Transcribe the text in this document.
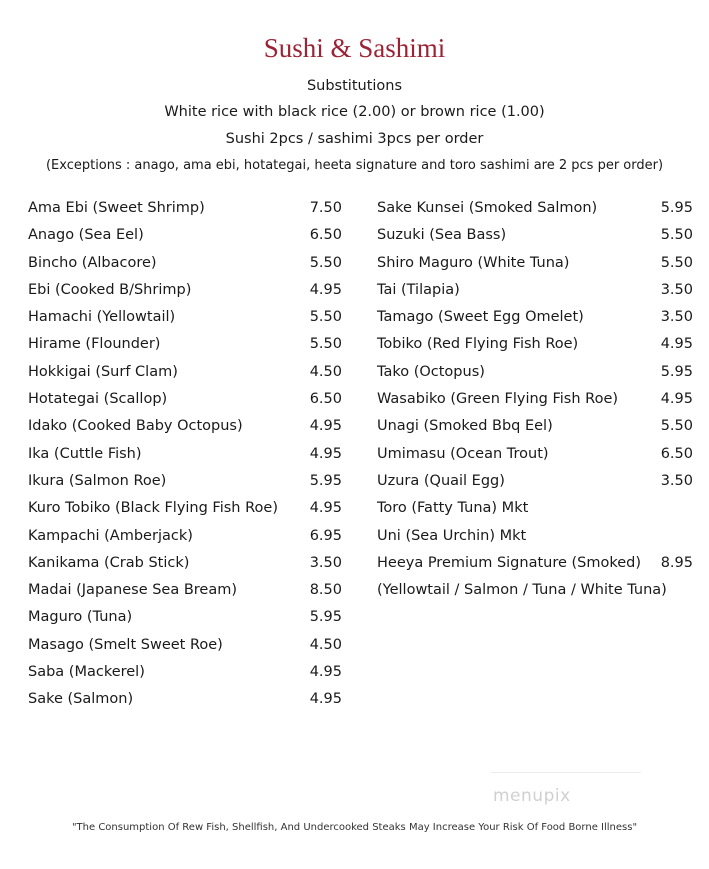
Sushi & Sashimi
Substitutions
White rice with black rice (2.00) or brown rice (1.00)
Sushi 2pcs / sashimi 3pcs per order
(Exceptions : anago, ama ebi, hotategai, heeta signature and toro sashimi are 2 pcs per order)
Ama Ebi (Sweet Shrimp)	7.50
Anago (Sea Eel)	6.50
Bincho (Albacore)	5.50
Ebi (Cooked B/Shrimp)	4.95
Hamachi (Yellowtail)	5.50
Hirame (Flounder)	5.50
Hokkigai (Surf Clam)	4.50
Hotategai (Scallop)	6.50
Idako (Cooked Baby Octopus)	4.95
Ika (Cuttle Fish)	4.95
Ikura (Salmon Roe)	5.95
Kuro Tobiko (Black Flying Fish Roe) 4.95
Kampachi (Amberjack)	6.95
Kanikama (Crab Stick)	3.50
Madai (Japanese Sea Bream)	8.50
Maguro (Tuna)	5.95
Masago (Smelt Sweet Roe)	4.50
Saba (Mackerel)	4.95
Sake (Salmon)	4.95
Sake Kunsei (Smoked Salmon)	5.95
Suzuki (Sea Bass)	5.50
Shiro Maguro (White Tuna)	5.50
Tai (Tilapia)	3.50
Tamago (Sweet Egg Omelet)	3.50
Tobiko (Red Flying Fish Roe)	4.95
Tako (Octopus)	5.95
Wasabiko (Green Flying Fish Roe)	4.95
Unagi (Smoked Bbq Eel)	5.50
Umimasu (Ocean Trout)	6.50
Uzura (Quail Egg)	3.50
Toro (Fatty Tuna) Mkt
Uni (Sea Urchin) Mkt
Heeya Premium Signature (Smoked) 8.95
(Yellowtail / Salmon / Tuna / White Tuna)
menupix
"The Consumption Of Rew Fish, Shellfish, And Undercooked Steaks May Increase Your Risk Of Food Borne Illness"
